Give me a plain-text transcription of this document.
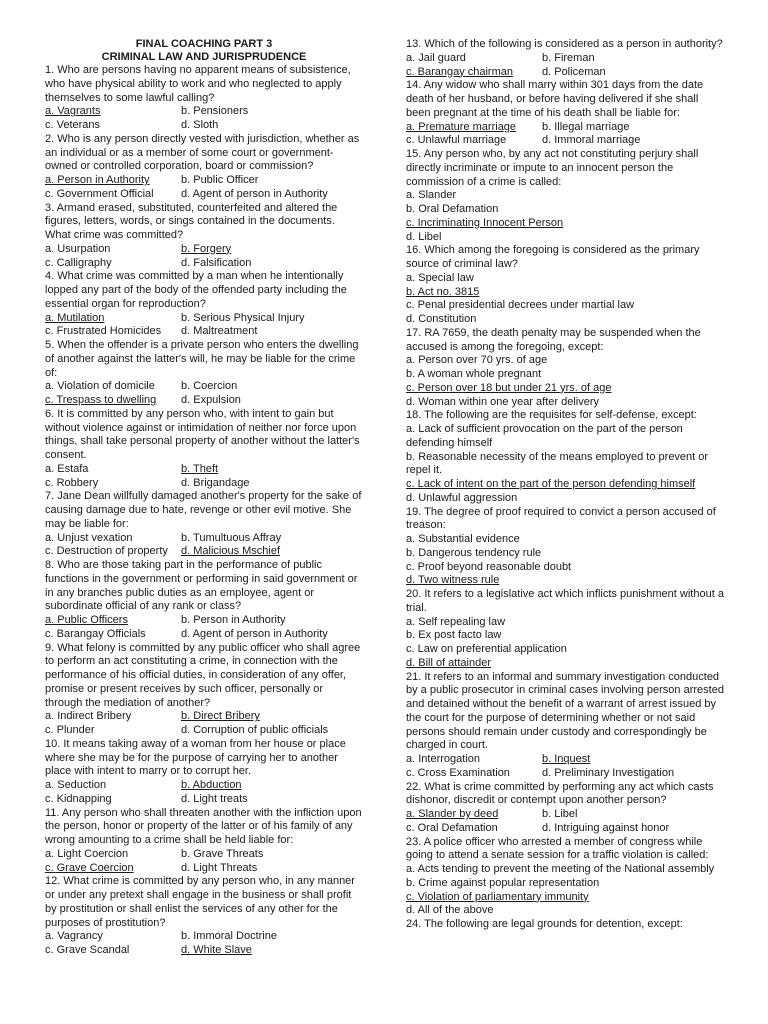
FINAL COACHING PART 3
CRIMINAL LAW AND JURISPRUDENCE
1. Who are persons having no apparent means of subsistence, who have physical ability to work and who neglected to apply themselves to some lawful calling?
a. Vagrants	b. Pensioners
c. Veterans	d. Sloth
2. Who is any person directly vested with jurisdiction, whether as an individual or as a member of some court or government-owned or controlled corporation, board or commission?
a. Person in Authority	b. Public Officer
c. Government Official	d. Agent of person in Authority
3. Armand erased, substituted, counterfeited and altered the figures, letters, words, or sings contained in the documents. What crime was committed?
a. Usurpation	b. Forgery
c. Calligraphy	d. Falsification
4. What crime was committed by a man when he intentionally lopped any part of the body of the offended party including the essential organ for reproduction?
a. Mutilation	b. Serious Physical Injury
c. Frustrated Homicides	d. Maltreatment
5. When the offender is a private person who enters the dwelling of another against the latter's will, he may be liable for the crime of:
a. Violation of domicile	b. Coercion
c. Trespass to dwelling	d. Expulsion
6. It is committed by any person who, with intent to gain but without violence against or intimidation of neither nor force upon things, shall take personal property of another without the latter's consent.
a. Estafa	b. Theft
c. Robbery	d. Brigandage
7. Jane Dean willfully damaged another's property for the sake of causing damage due to hate, revenge or other evil motive. She may be liable for:
a. Unjust vexation	b. Tumultuous Affray
c. Destruction of property	d. Malicious Mschief
8. Who are those taking part in the performance of public functions in the government or performing in said government or in any branches public duties as an employee, agent or subordinate official of any rank or class?
a. Public Officers	b. Person in Authority
c. Barangay Officials	d. Agent of person in Authority
9. What felony is committed by any public officer who shall agree to perform an act constituting a crime, in connection with the performance of his official duties, in consideration of any offer, promise or present receives by such officer, personally or through the mediation of another?
a. Indirect Bribery	b. Direct Bribery
c. Plunder	d. Corruption of public officials
10. It means taking away of a woman from her house or place where she may be for the purpose of carrying her to another place with intent to marry or to corrupt her.
a. Seduction	b. Abduction
c. Kidnapping	d. Light treats
11. Any person who shall threaten another with the infliction upon the person, honor or property of the latter or of his family of any wrong amounting to a crime shall be held liable for:
a. Light Coercion	b. Grave Threats
c. Grave Coercion	d. Light Threats
12. What crime is committed by any person who, in any manner or under any pretext shall engage in the business or shall profit by prostitution or shall enlist the services of any other for the purposes of prostitution?
a. Vagrancy	b. Immoral Doctrine
c. Grave Scandal	d. White Slave
13. Which of the following is considered as a person in authority?
a. Jail guard	b. Fireman
c. Barangay chairman	d. Policeman
14. Any widow who shall marry within 301 days from the date death of her husband, or before having delivered if she shall been pregnant at the time of his death shall be liable for:
a. Premature marriage	b. Illegal marriage
c. Unlawful marriage	d. Immoral marriage
15. Any person who, by any act not constituting perjury shall directly incriminate or impute to an innocent person the commission of a crime is called:
a. Slander
b. Oral Defamation
c. Incriminating Innocent Person
d. Libel
16. Which among the foregoing is considered as the primary source of criminal law?
a. Special law
b. Act no. 3815
c. Penal presidential decrees under martial law
d. Constitution
17. RA 7659, the death penalty may be suspended when the accused is among the foregoing, except:
a. Person over 70 yrs. of age
b. A woman whole pregnant
c. Person over 18 but under 21 yrs. of age
d. Woman within one year after delivery
18. The following are the requisites for self-defense, except:
a. Lack of sufficient provocation on the part of the person defending himself
b. Reasonable necessity of the means employed to prevent or repel it.
c. Lack of intent on the part of the person defending himself
d. Unlawful aggression
19. The degree of proof required to convict a person accused of treason:
a. Substantial evidence
b. Dangerous tendency rule
c. Proof beyond reasonable doubt
d. Two witness rule
20. It refers to a legislative act which inflicts punishment without a trial.
a. Self repealing law
b. Ex post facto law
c. Law on preferential application
d. Bill of attainder
21. It refers to an informal and summary investigation conducted by a public prosecutor in criminal cases involving person arrested and detained without the benefit of a warrant of arrest issued by the court for the purpose of determining whether or not said persons should remain under custody and correspondingly be charged in court.
a. Interrogation	b. Inquest
c. Cross Examination	d. Preliminary Investigation
22. What is crime committed by performing any act which casts dishonor, discredit or contempt upon another person?
a. Slander by deed	b. Libel
c. Oral Defamation	d. Intriguing against honor
23. A police officer who arrested a member of congress while going to attend a senate session for a traffic violation is called:
a. Acts tending to prevent the meeting of the National assembly
b. Crime against popular representation
c. Violation of parliamentary immunity
d. All of the above
24. The following are legal grounds for detention, except:
